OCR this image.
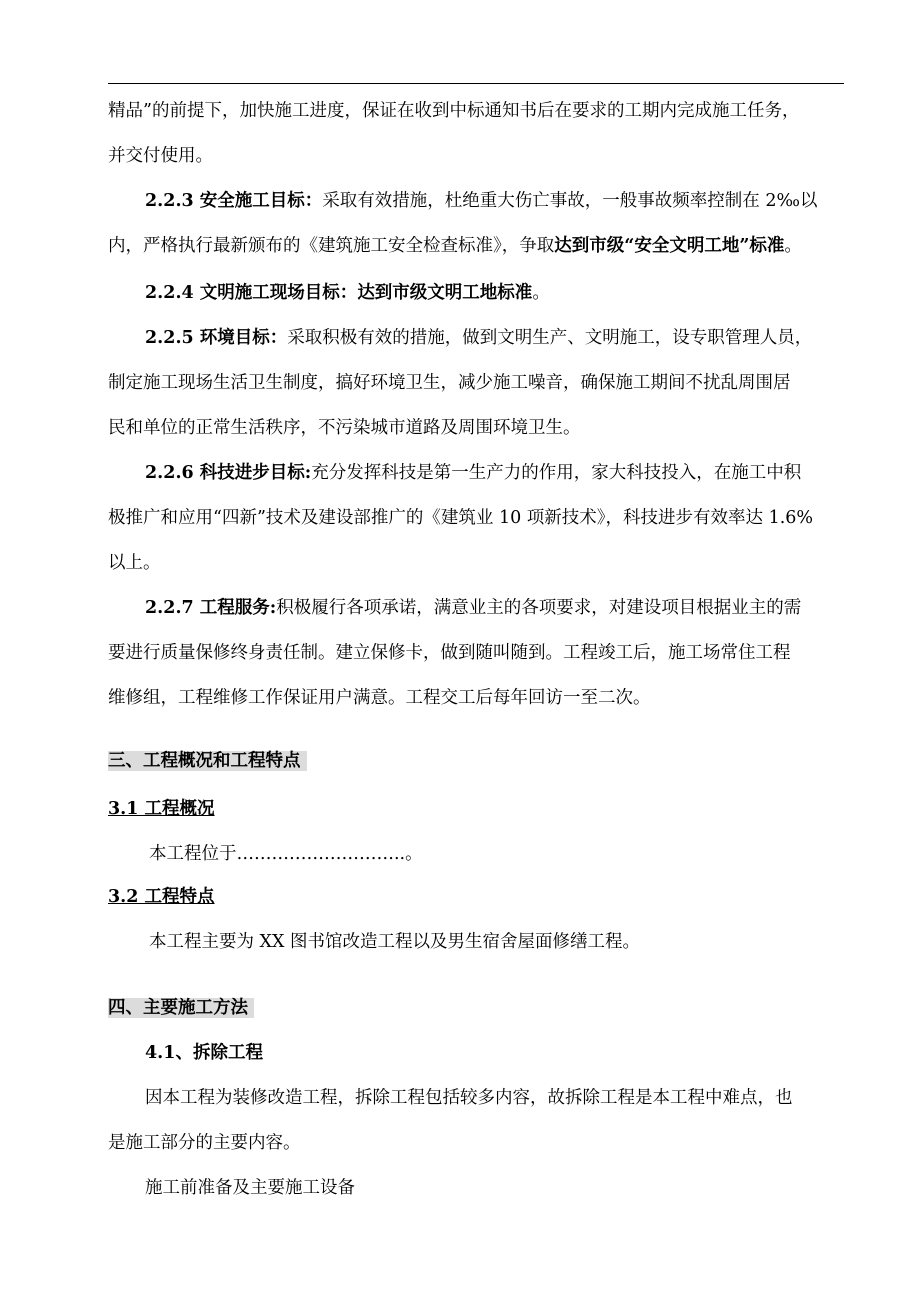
精品”的前提下，加快施工进度，保证在收到中标通知书后在要求的工期内完成施工任务，
并交付使用。
2.2.3 安全施工目标：采取有效措施，杜绝重大伤亡事故，一般事故频率控制在 2‰以
内，严格执行最新颁布的《建筑施工安全检查标准》，争取达到市级“安全文明工地”标准。
2.2.4 文明施工现场目标：达到市级文明工地标准。
2.2.5 环境目标：采取积极有效的措施，做到文明生产、文明施工，设专职管理人员，
制定施工现场生活卫生制度，搞好环境卫生，减少施工噪音，确保施工期间不扰乱周围居
民和单位的正常生活秩序，不污染城市道路及周围环境卫生。
2.2.6 科技进步目标:充分发挥科技是第一生产力的作用，家大科技投入，在施工中积
极推广和应用“四新”技术及建设部推广的《建筑业 10 项新技术》，科技进步有效率达 1.6%
以上。
2.2.7 工程服务:积极履行各项承诺，满意业主的各项要求，对建设项目根据业主的需
要进行质量保修终身责任制。建立保修卡，做到随叫随到。工程竣工后，施工场常住工程
维修组，工程维修工作保证用户满意。工程交工后每年回访一至二次。
三、工程概况和工程特点
3.1 工程概况
本工程位于………………………..。
3.2 工程特点
本工程主要为 XX 图书馆改造工程以及男生宿舍屋面修缮工程。
四、主要施工方法
4.1、拆除工程
因本工程为装修改造工程，拆除工程包括较多内容，故拆除工程是本工程中难点，也
是施工部分的主要内容。
施工前准备及主要施工设备
